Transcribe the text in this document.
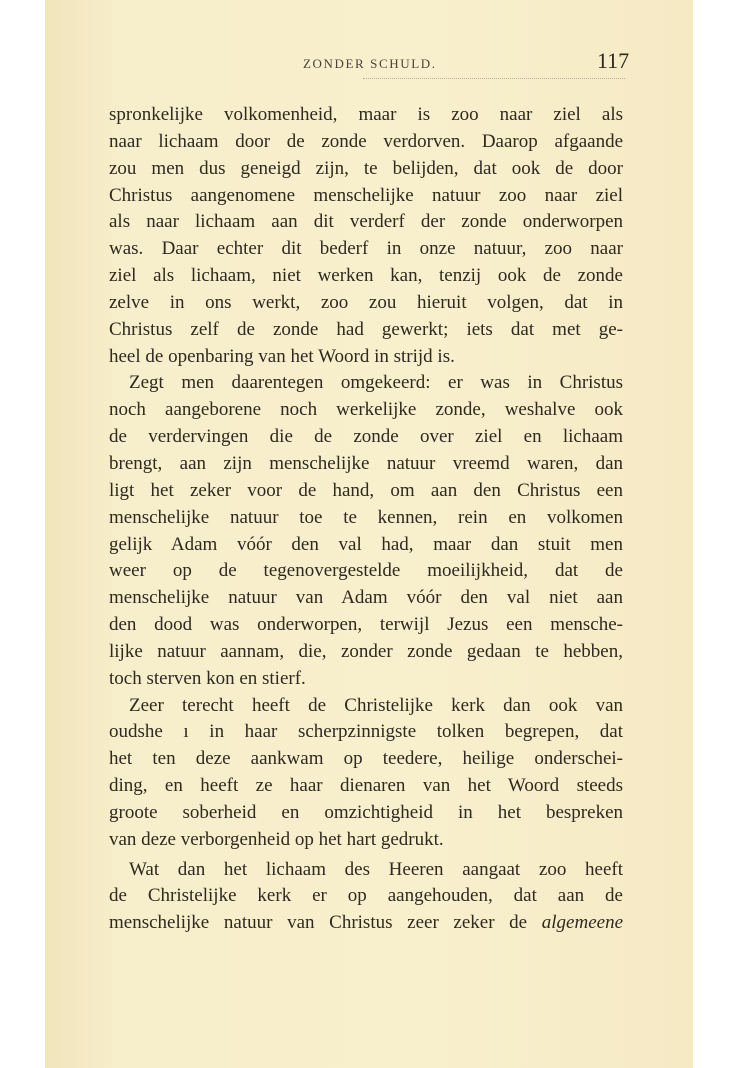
ZONDER SCHULD.	117
spronkelijke volkomenheid, maar is zoo naar ziel als
naar lichaam door de zonde verdorven. Daarop afgaande
zou men dus geneigd zijn, te belijden, dat ook de door
Christus aangenomene menschelijke natuur zoo naar ziel
als naar lichaam aan dit verderf der zonde onderworpen
was. Daar echter dit bederf in onze natuur, zoo naar
ziel als lichaam, niet werken kan, tenzij ook de zonde
zelve in ons werkt, zoo zou hieruit volgen, dat in
Christus zelf de zonde had gewerkt; iets dat met ge-
heel de openbaring van het Woord in strijd is.
Zegt men daarentegen omgekeerd: er was in Christus
noch aangeborene noch werkelijke zonde, weshalve ook
de verdervingen die de zonde over ziel en lichaam
brengt, aan zijn menschelijke natuur vreemd waren, dan
ligt het zeker voor de hand, om aan den Christus een
menschelijke natuur toe te kennen, rein en volkomen
gelijk Adam vóór den val had, maar dan stuit men
weer op de tegenovergestelde moeilijkheid, dat de
menschelijke natuur van Adam vóór den val niet aan
den dood was onderworpen, terwijl Jezus een mensche-
lijke natuur aannam, die, zonder zonde gedaan te hebben,
toch sterven kon en stierf.
Zeer terecht heeft de Christelijke kerk dan ook van
oudshe ı in haar scherpzinnigste tolken begrepen, dat
het ten deze aankwam op teedere, heilige onderschei-
ding, en heeft ze haar dienaren van het Woord steeds
groote soberheid en omzichtigheid in het bespreken
van deze verborgenheid op het hart gedrukt.
Wat dan het lichaam des Heeren aangaat zoo heeft
de Christelijke kerk er op aangehouden, dat aan de
menschelijke natuur van Christus zeer zeker de algemeene
